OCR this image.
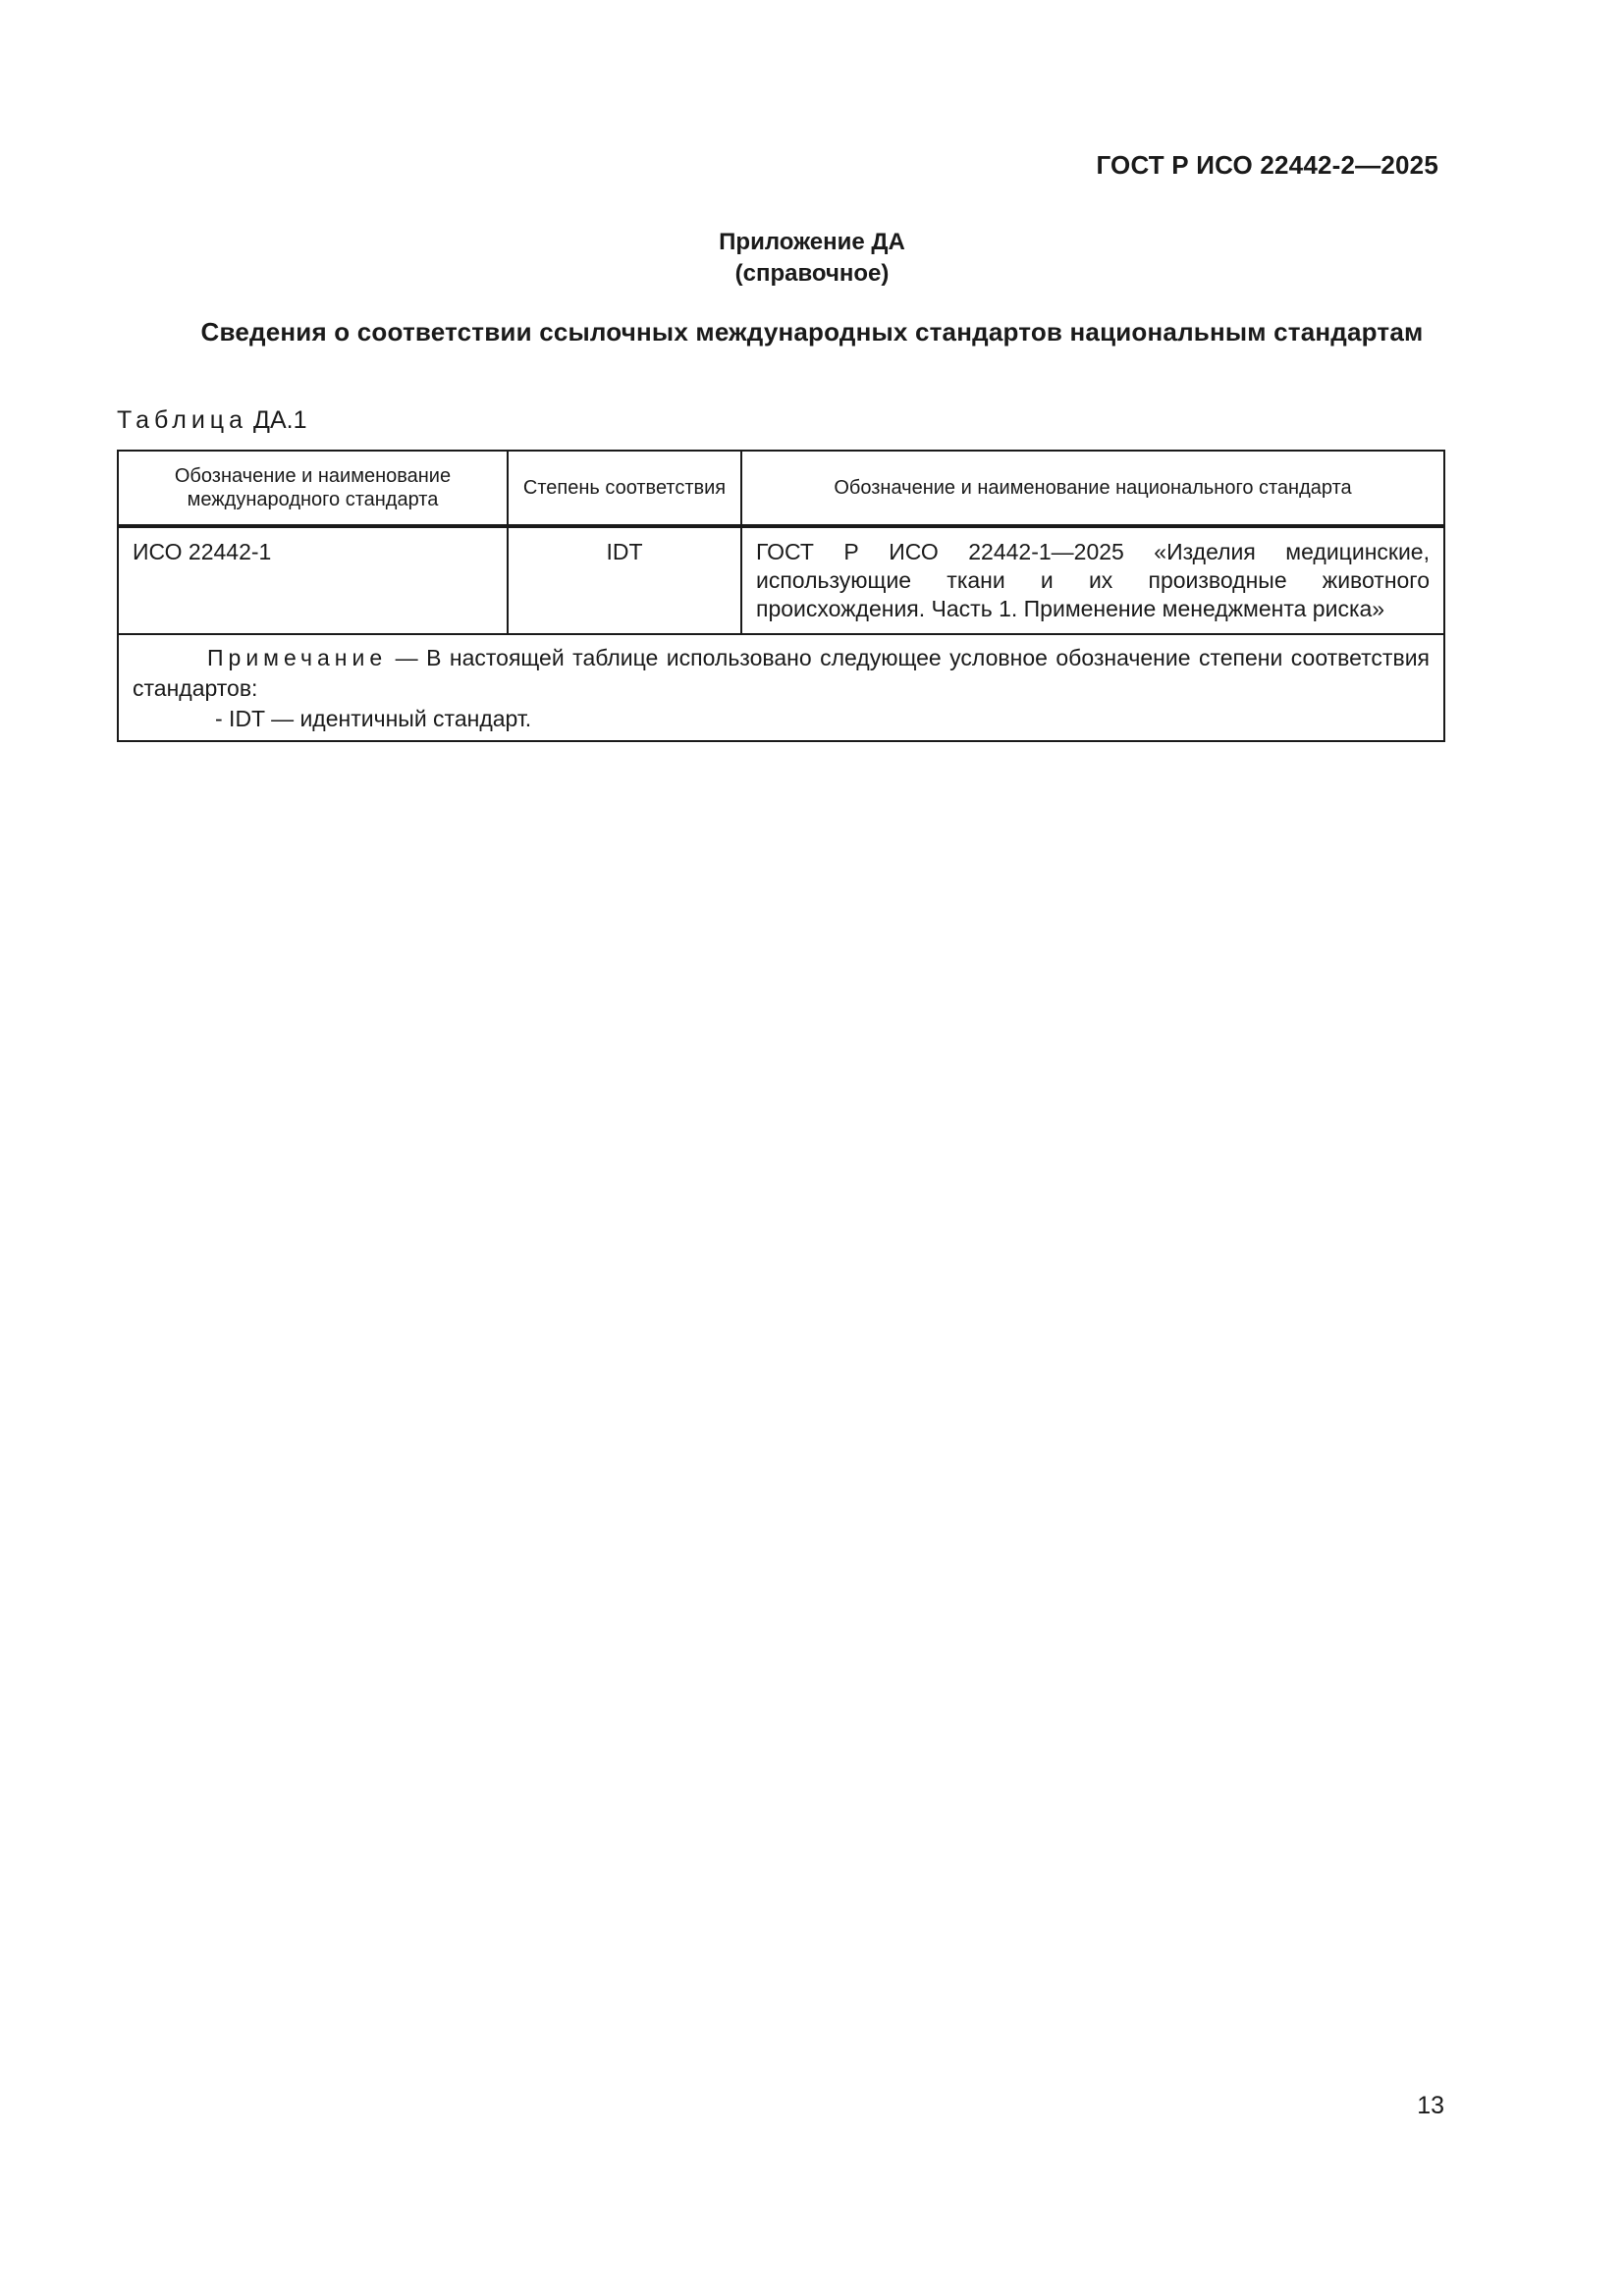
ГОСТ Р ИСО 22442-2—2025
Приложение ДА
(справочное)
Сведения о соответствии ссылочных международных стандартов национальным стандартам
Таблица ДА.1
Обозначение и наименование международного стандарта	Степень соответствия	Обозначение и наименование национального стандарта
ИСО 22442-1	IDT	ГОСТ Р ИСО 22442-1—2025 «Изделия медицинские, использующие ткани и их производные животного происхождения. Часть 1. Применение менеджмента риска»

Примечание — В настоящей таблице использовано следующее условное обозначение степени соответствия стандартов:
- IDT — идентичный стандарт.		
13
